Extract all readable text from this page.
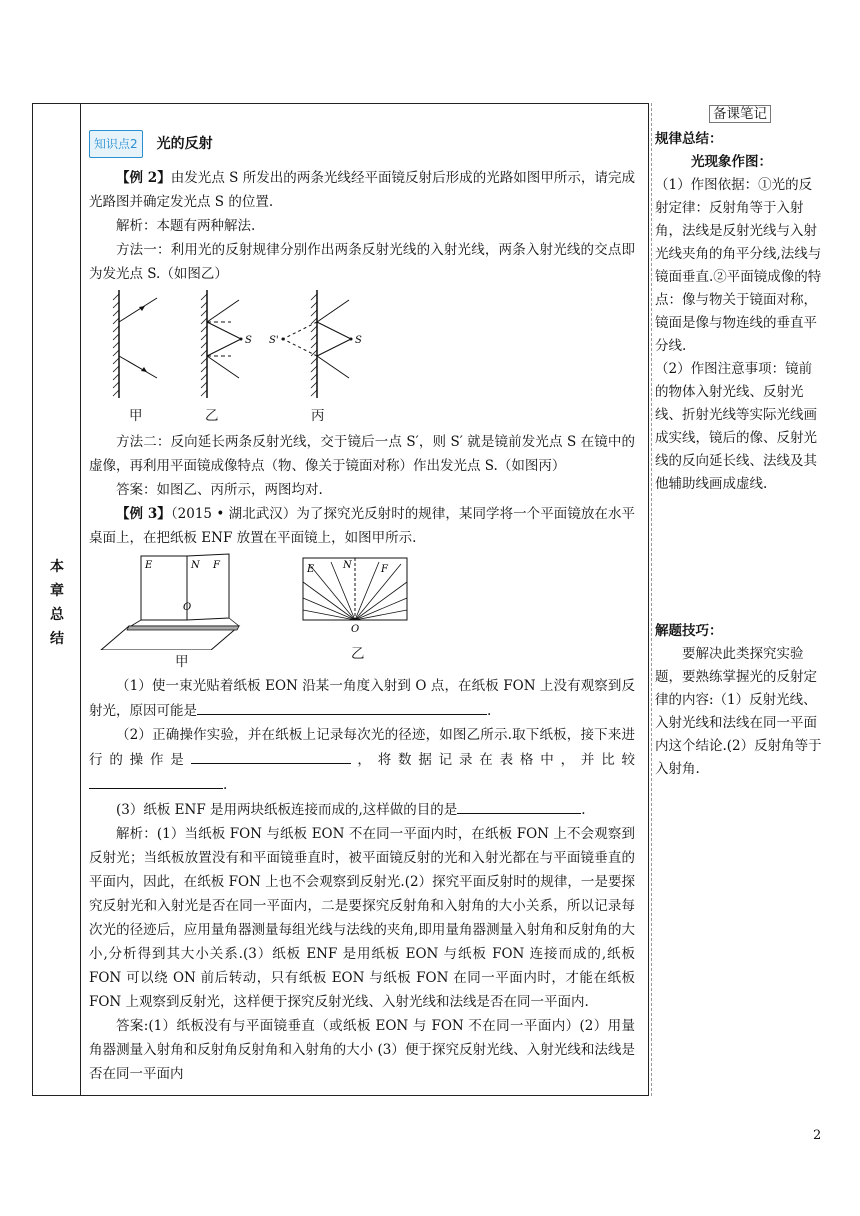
本
章
总
结
知识点2	光的反射

【例 2】由发光点 S 所发出的两条光线经平面镜反射后形成的光路如图甲所示，请完成光路图并确定发光点 S 的位置.

解析：本题有两种解法.

方法一：利用光的反射规律分别作出两条反射光线的入射光线，两条入射光线的交点即为发光点 S.（如图乙）

S	S
S'
甲	乙	丙

方法二：反向延长两条反射光线，交于镜后一点 S′，则 S′ 就是镜前发光点 S 在镜中的虚像，再利用平面镜成像特点（物、像关于镜面对称）作出发光点 S.（如图丙）

答案：如图乙、丙所示，两图均对.

【例 3】（2015 • 湖北武汉）为了探究光反射时的规律，某同学将一个平面镜放在水平桌面上，在把纸板 ENF 放置在平面镜上，如图甲所示.

E	N F
O
E	N	F
O
甲	乙

（1）使一束光贴着纸板 EON 沿某一角度入射到 O 点，在纸板 FON 上没有观察到反射光，原因可能是	.

（2）正确操作实验，并在纸板上记录每次光的径迹，如图乙所示.取下纸板，接下来进行的操作是	，将数据记录在表格中，并比较.

(3）纸板 ENF 是用两块纸板连接而成的,这样做的目的是	.

解析：(1）当纸板 FON 与纸板 EON 不在同一平面内时，在纸板 FON 上不会观察到反射光；当纸板放置没有和平面镜垂直时，被平面镜反射的光和入射光都在与平面镜垂直的平面内，因此，在纸板 FON 上也不会观察到反射光.(2）探究平面反射时的规律，一是要探究反射光和入射光是否在同一平面内，二是要探究反射角和入射角的大小关系，所以记录每次光的径迹后，应用量角器测量每组光线与法线的夹角,即用量角器测量入射角和反射角的大小,分析得到其大小关系.(3）纸板 ENF 是用纸板 EON 与纸板 FON 连接而成的,纸板 FON 可以绕 ON 前后转动，只有纸板 EON 与纸板 FON 在同一平面内时，才能在纸板 FON 上观察到反射光，这样便于探究反射光线、入射光线和法线是否在同一平面内.

答案:(1）纸板没有与平面镜垂直（或纸板 EON 与 FON 不在同一平面内）(2）用量角器测量入射角和反射角反射角和入射角的大小 (3）便于探究反射光线、入射光线和法线是否在同一平面内

备课笔记

规律总结：

光现象作图：

（1）作图依据：①光的反射定律：反射角等于入射角，法线是反射光线与入射光线夹角的角平分线,法线与镜面垂直.②平面镜成像的特点：像与物关于镜面对称，镜面是像与物连线的垂直平分线.

（2）作图注意事项：镜前的物体入射光线、反射光线、折射光线等实际光线画成实线，镜后的像、反射光线的反向延长线、法线及其他辅助线画成虚线.

解题技巧：

要解决此类探究实验题，要熟练掌握光的反射定律的内容:（1）反射光线、入射光线和法线在同一平面内这个结论.(2）反射角等于入射角.

2
